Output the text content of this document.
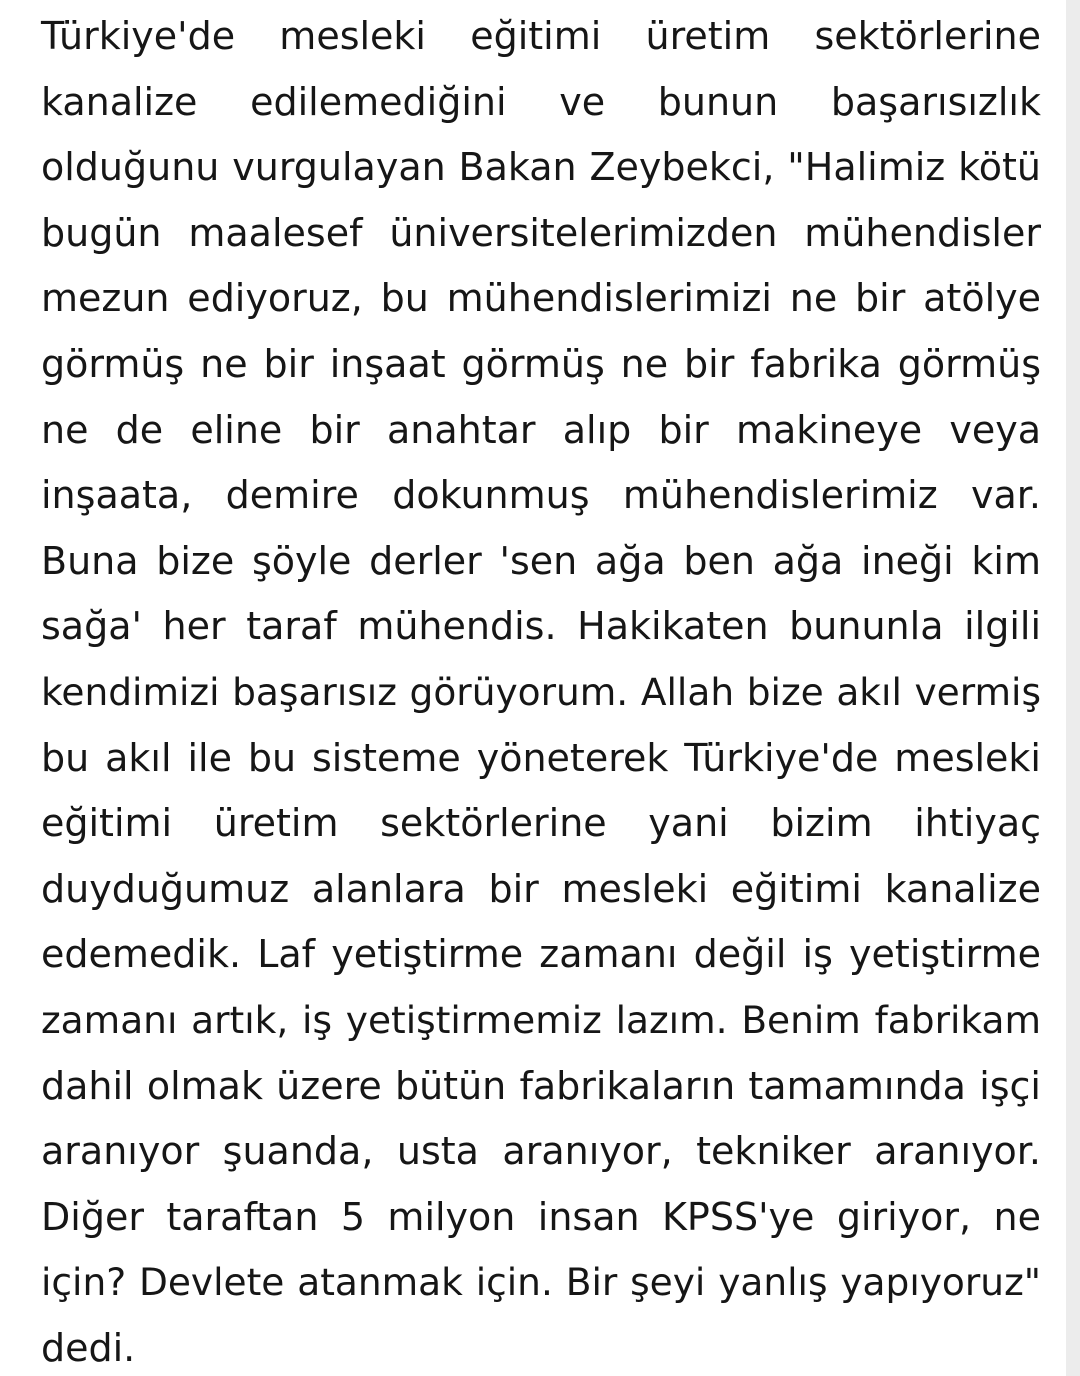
Türkiye'de mesleki eğitimi üretim sektörlerine
kanalize edilemediğini ve bunun başarısızlık
olduğunu vurgulayan Bakan Zeybekci, "Halimiz kötü
bugün maalesef üniversitelerimizden mühendisler
mezun ediyoruz, bu mühendislerimizi ne bir atölye
görmüş ne bir inşaat görmüş ne bir fabrika görmüş
ne de eline bir anahtar alıp bir makineye veya
inşaata, demire dokunmuş mühendislerimiz var.
Buna bize şöyle derler 'sen ağa ben ağa ineği kim
sağa' her taraf mühendis. Hakikaten bununla ilgili
kendimizi başarısız görüyorum. Allah bize akıl vermiş
bu akıl ile bu sisteme yöneterek Türkiye'de mesleki
eğitimi üretim sektörlerine yani bizim ihtiyaç
duyduğumuz alanlara bir mesleki eğitimi kanalize
edemedik. Laf yetiştirme zamanı değil iş yetiştirme
zamanı artık, iş yetiştirmemiz lazım. Benim fabrikam
dahil olmak üzere bütün fabrikaların tamamında işçi
aranıyor şuanda, usta aranıyor, tekniker aranıyor.
Diğer taraftan 5 milyon insan KPSS'ye giriyor, ne
için? Devlete atanmak için. Bir şeyi yanlış yapıyoruz"
dedi.
